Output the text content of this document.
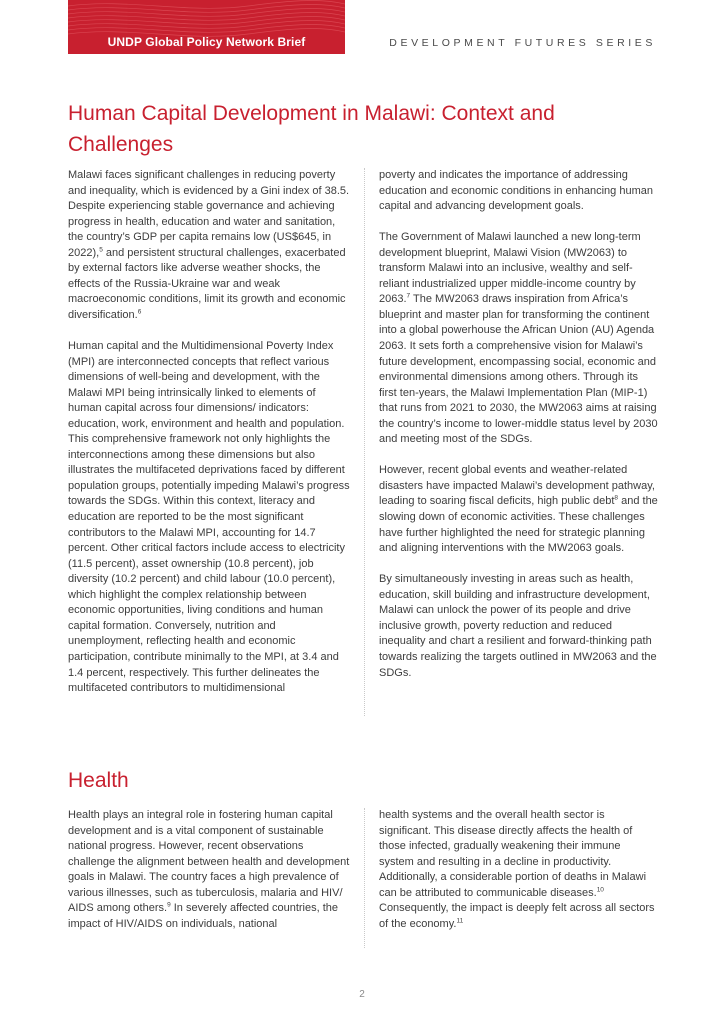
UNDP Global Policy Network Brief	DEVELOPMENT FUTURES SERIES
Human Capital Development in Malawi: Context and Challenges

Malawi faces significant challenges in reducing poverty and inequality, which is evidenced by a Gini index of 38.5. Despite experiencing stable governance and achieving progress in health, education and water and sanitation, the country’s GDP per capita remains low (US$645, in 2022),$^5$ and persistent structural challenges, exacerbated by external factors like adverse weather shocks, the effects of the Russia-Ukraine war and weak macroeconomic conditions, limit its growth and economic diversification.$^6$

Human capital and the Multidimensional Poverty Index (MPI) are interconnected concepts that reflect various dimensions of well-being and development, with the Malawi MPI being intrinsically linked to elements of human capital across four dimensions/ indicators: education, work, environment and health and population. This comprehensive framework not only highlights the interconnections among these dimensions but also illustrates the multifaceted deprivations faced by different population groups, potentially impeding Malawi’s progress towards the SDGs. Within this context, literacy and education are reported to be the most significant contributors to the Malawi MPI, accounting for 14.7 percent. Other critical factors include access to electricity (11.5 percent), asset ownership (10.8 percent), job diversity (10.2 percent) and child labour (10.0 percent), which highlight the complex relationship between economic opportunities, living conditions and human capital formation. Conversely, nutrition and unemployment, reflecting health and economic participation, contribute minimally to the MPI, at 3.4 and 1.4 percent, respectively. This further delineates the multifaceted contributors to multidimensional

poverty and indicates the importance of addressing education and economic conditions in enhancing human capital and advancing development goals.

The Government of Malawi launched a new long-term development blueprint, Malawi Vision (MW2063) to transform Malawi into an inclusive, wealthy and self-reliant industrialized upper middle-income country by 2063.$^7$ The MW2063 draws inspiration from Africa’s blueprint and master plan for transforming the continent into a global powerhouse the African Union (AU) Agenda 2063. It sets forth a comprehensive vision for Malawi’s future development, encompassing social, economic and environmental dimensions among others. Through its first ten-years, the Malawi Implementation Plan (MIP-1) that runs from 2021 to 2030, the MW2063 aims at raising the country’s income to lower-middle status level by 2030 and meeting most of the SDGs.

However, recent global events and weather-related disasters have impacted Malawi’s development pathway, leading to soaring fiscal deficits, high public debt$^8$ and the slowing down of economic activities. These challenges have further highlighted the need for strategic planning and aligning interventions with the MW2063 goals.

By simultaneously investing in areas such as health, education, skill building and infrastructure development, Malawi can unlock the power of its people and drive inclusive growth, poverty reduction and reduced inequality and chart a resilient and forward-thinking path towards realizing the targets outlined in MW2063 and the SDGs.

Health

Health plays an integral role in fostering human capital development and is a vital component of sustainable national progress. However, recent observations challenge the alignment between health and development goals in Malawi. The country faces a high prevalence of various illnesses, such as tuberculosis, malaria and HIV/ AIDS among others.$^9$ In severely affected countries, the impact of HIV/AIDS on individuals, national

health systems and the overall health sector is significant. This disease directly affects the health of those infected, gradually weakening their immune system and resulting in a decline in productivity. Additionally, a considerable portion of deaths in Malawi can be attributed to communicable diseases.$^{10}$ Consequently, the impact is deeply felt across all sectors of the economy.$^{11}$

2
